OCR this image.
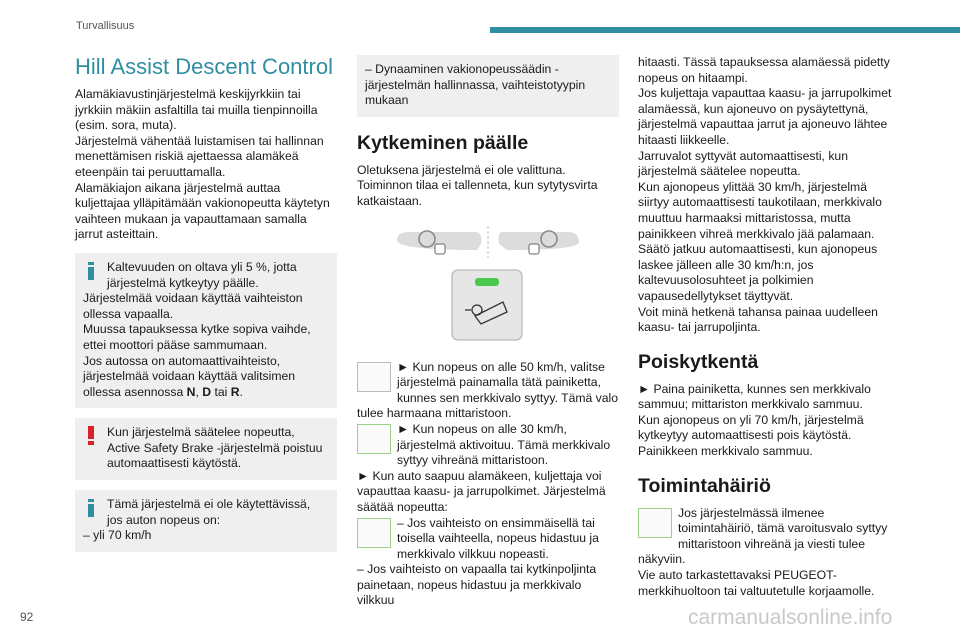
Turvallisuus
Hill Assist Descent Control

Alamäkiavustinjärjestelmä keskijyrkkiin tai jyrkkiin mäkiin asfaltilla tai muilla tienpinnoilla (esim. sora, muta).

Järjestelmä vähentää luistamisen tai hallinnan menettämisen riskiä ajettaessa alamäkeä eteenpäin tai peruuttamalla.

Alamäkiajon aikana järjestelmä auttaa kuljettajaa ylläpitämään vakionopeutta käytetyn vaihteen mukaan ja vapauttamaan samalla jarrut asteittain.

Kaltevuuden on oltava yli 5 %, jotta järjestelmä kytkeytyy päälle.

Järjestelmää voidaan käyttää vaihteiston ollessa vapaalla.

Muussa tapauksessa kytke sopiva vaihde, ettei moottori pääse sammumaan.

Jos autossa on automaattivaihteisto, järjestelmää voidaan käyttää valitsimen ollessa asennossa N, D tai R.

Kun järjestelmä säätelee nopeutta, Active Safety Brake -järjestelmä poistuu automaattisesti käytöstä.

Tämä järjestelmä ei ole käytettävissä, jos auton nopeus on:

– yli 70 km/h

– Dynaaminen vakionopeussäädin -järjestelmän hallinnassa, vaihteistotyypin mukaan

Kytkeminen päälle

Oletuksena järjestelmä ei ole valittuna. Toiminnon tilaa ei tallenneta, kun sytytysvirta katkaistaan.

► Kun nopeus on alle 50 km/h, valitse järjestelmä painamalla tätä painiketta, kunnes sen merkkivalo syttyy. Tämä valo tulee harmaana mittaristoon.

► Kun nopeus on alle 30 km/h, järjestelmä aktivoituu. Tämä merkkivalo syttyy vihreänä mittaristoon.

► Kun auto saapuu alamäkeen, kuljettaja voi vapauttaa kaasu- ja jarrupolkimet. Järjestelmä säätää nopeutta:

– Jos vaihteisto on ensimmäisellä tai toisella vaihteella, nopeus hidastuu ja merkkivalo vilkkuu nopeasti.

– Jos vaihteisto on vapaalla tai kytkinpoljinta painetaan, nopeus hidastuu ja merkkivalo vilkkuu

hitaasti. Tässä tapauksessa alamäessä pidetty nopeus on hitaampi.

Jos kuljettaja vapauttaa kaasu- ja jarrupolkimet alamäessä, kun ajoneuvo on pysäytettynä, järjestelmä vapauttaa jarrut ja ajoneuvo lähtee hitaasti liikkeelle.

Jarruvalot syttyvät automaattisesti, kun järjestelmä säätelee nopeutta.

Kun ajonopeus ylittää 30 km/h, järjestelmä siirtyy automaattisesti taukotilaan, merkkivalo muuttuu harmaaksi mittaristossa, mutta painikkeen vihreä merkkivalo jää palamaan.

Säätö jatkuu automaattisesti, kun ajonopeus laskee jälleen alle 30 km/h:n, jos kaltevuusolosuhteet ja polkimien vapausedellytykset täyttyvät.

Voit minä hetkenä tahansa painaa uudelleen kaasu- tai jarrupoljinta.

Poiskytkentä

► Paina painiketta, kunnes sen merkkivalo sammuu; mittariston merkkivalo sammuu.

Kun ajonopeus on yli 70 km/h, järjestelmä kytkeytyy automaattisesti pois käytöstä.

Painikkeen merkkivalo sammuu.

Toimintahäiriö

Jos järjestelmässä ilmenee toimintahäiriö, tämä varoitusvalo syttyy mittaristoon vihreänä ja viesti tulee näkyviin.

Vie auto tarkastettavaksi PEUGEOT-merkkihuoltoon tai valtuutetulle korjaamolle.

92	carmanualsonline.info
